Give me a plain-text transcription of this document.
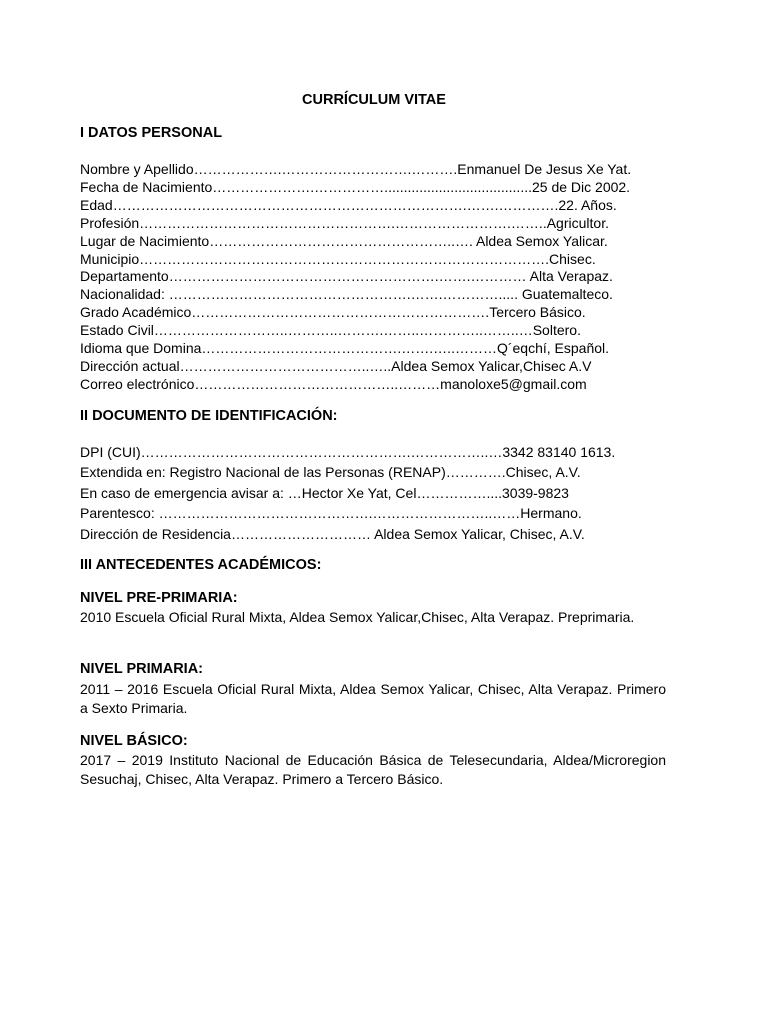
CURRÍCULUM VITAE
I DATOS PERSONAL
Nombre y Apellido……………….……………………….……….Enmanuel De Jesus Xe Yat.
Fecha de Nacimiento………………….……………......................................25 de Dic 2002.
Edad………………………………………………………………….…….………….22. Años.
Profesión……………………………………………….…………………….……..Agricultor.
Lugar de Nacimiento……………………………………………..…. Aldea Semox Yalicar.
Municipio…………………………………………………………………………….Chisec.
Departamento………………………………………………….…….………… Alta Verapaz.
Nacionalidad: …………………………………………….…….…………..... Guatemalteco.
Grado Académico……………………………………………………….Tercero Básico.
Estado Civil………………………..………..……….……..…………..……..…Soltero.
Idioma que Domina…………………………………….…….…..………Q´eqchí, Español.
Dirección actual…………………………………..…..Aldea Semox Yalicar,Chisec A.V
Correo electrónico……………………………………..………manoloxe5@gmail.com
II DOCUMENTO DE IDENTIFICACIÓN:
DPI (CUI)………………………………………………….……………..…3342 83140 1613.
Extendida en: Registro Nacional de las Personas (RENAP)………….Chisec, A.V.
En caso de emergencia avisar a: …Hector Xe Yat, Cel……………....3039-9823
Parentesco: ……………………………………….……………………..……Hermano.
Dirección de Residencia………………………… Aldea Semox Yalicar, Chisec, A.V.
III ANTECEDENTES ACADÉMICOS:
NIVEL PRE-PRIMARIA:
2010 Escuela Oficial Rural Mixta, Aldea Semox Yalicar,Chisec, Alta Verapaz. Preprimaria.
NIVEL PRIMARIA:
2011 – 2016 Escuela Oficial Rural Mixta, Aldea Semox Yalicar, Chisec, Alta Verapaz. Primero a Sexto Primaria.
NIVEL BÁSICO:
2017 – 2019 Instituto Nacional de Educación Básica de Telesecundaria, Aldea/Microregion Sesuchaj, Chisec, Alta Verapaz. Primero a Tercero Básico.
